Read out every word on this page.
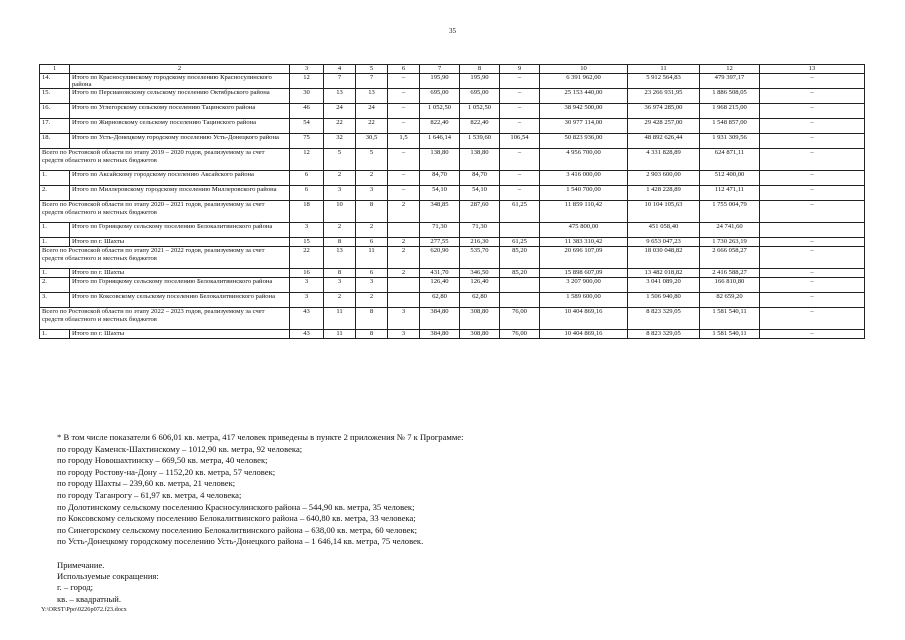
35
1	2	3	4	5	6	7	8	9	10	11	12	13
14.	Итого по Красносулинскому городскому поселению Красносулинского района	12	7	7	–	195,90	195,90	–	6 391 962,00	5 912 564,83	479 397,17	–
15.	Итого по Персиановскому сельскому поселению Октябрьского района	30	13	13	–	695,00	695,00	–	25 153 440,00	23 266 931,95	1 886 508,05	–
16.	Итого по Углегорскому сельскому поселению Тацинского района	46	24	24	–	1 052,50	1 052,50	–	38 942 500,00	36 974 285,00	1 968 215,00	–
17.	Итого по Жирновскому сельскому поселению Тацинского района	54	22	22	–	822,40	822,40	–	30 977 114,00	29 428 257,00	1 548 857,00	–
18.	Итого по Усть-Донецкому городскому поселению Усть-Донецкого района	75	32	30,5	1,5	1 646,14	1 539,60	106,54	50 823 936,00	48 892 626,44	1 931 309,56	–
Всего по Ростовской области по этапу 2019 – 2020 годов, реализуемому за счет средств областного и местных бюджетов		12	5	5	–	138,80	138,80	–	4 956 700,00	4 331 828,89	624 871,11	–
1.	Итого по Аксайскому городскому поселению Аксайского района	6	2	2	–	84,70	84,70	–	3 416 000,00	2 903 600,00	512 400,00	–
2.	Итого по Миллеровскому городскому поселению Миллеровского района	6	3	3	–	54,10	54,10	–	1 540 700,00	1 428 228,89	112 471,11	–
Всего по Ростовской области по этапу 2020 – 2021 годов, реализуемому за счет средств областного и местных бюджетов		18	10	8	2	348,85	287,60	61,25	11 859 110,42	10 104 105,63	1 755 004,79	–
1.	Итого по Горняцкому сельскому поселению Белокалитвинского района	3	2	2		71,30	71,30		475 800,00	451 058,40	24 741,60	
1.	Итого по г. Шахты	15	8	6	2	277,55	216,30	61,25	11 383 310,42	9 653 047,23	1 730 263,19	–
Всего по Ростовской области по этапу 2021 – 2022 годов, реализуемому за счет средств областного и местных бюджетов		22	13	11	2	620,90	535,70	85,20	20 696 107,09	18 030 048,82	2 666 058,27	–
1.	Итого по г. Шахты	16	8	6	2	431,70	346,50	85,20	15 898 607,09	13 482 018,82	2 416 588,27	–
2.	Итого по Горняцкому сельскому поселению Белокалитвинского района	3	3	3		126,40	126,40		3 207 900,00	3 041 089,20	166 810,80	–
3.	Итого по Коксовскому сельскому поселению Белокалитвинского района	3	2	2		62,80	62,80		1 589 600,00	1 506 940,80	82 659,20	–
Всего по Ростовской области по этапу 2022 – 2023 годов, реализуемому за счет средств областного и местных бюджетов		43	11	8	3	384,80	308,80	76,00	10 404 869,16	8 823 329,05	1 581 540,11	–
1.	Итого по г. Шахты	43	11	8	3	384,80	308,80	76,00	10 404 869,16	8 823 329,05	1 581 540,11	–
* В том числе показатели 6 606,01 кв. метра, 417 человек приведены в пункте 2 приложения № 7 к Программе:
по городу Каменск-Шахтинскому – 1012,90 кв. метра, 92 человека;
по городу Новошахтинску – 669,50 кв. метра, 40 человек;
по городу Ростову-на-Дону – 1152,20 кв. метра, 57 человек;
по городу Шахты – 239,60 кв. метра, 21 человек;
по городу Таганрогу – 61,97 кв. метра, 4 человека;
по Долотинскому сельскому поселению Красносулинского района – 544,90 кв. метра, 35 человек;
по Коксовскому сельскому поселению Белокалитвинского района – 640,80 кв. метра, 33 человека;
по Синегорскому сельскому поселению Белокалитвинского района – 638,00 кв. метра, 60 человек;
по Усть-Донецкому городскому поселению Усть-Донецкого района – 1 646,14 кв. метра, 75 человек.
Примечание.
Используемые сокращения:
г. – город;
кв. – квадратный.
Y:\ORST\Ppo\0226p072.f23.docx
